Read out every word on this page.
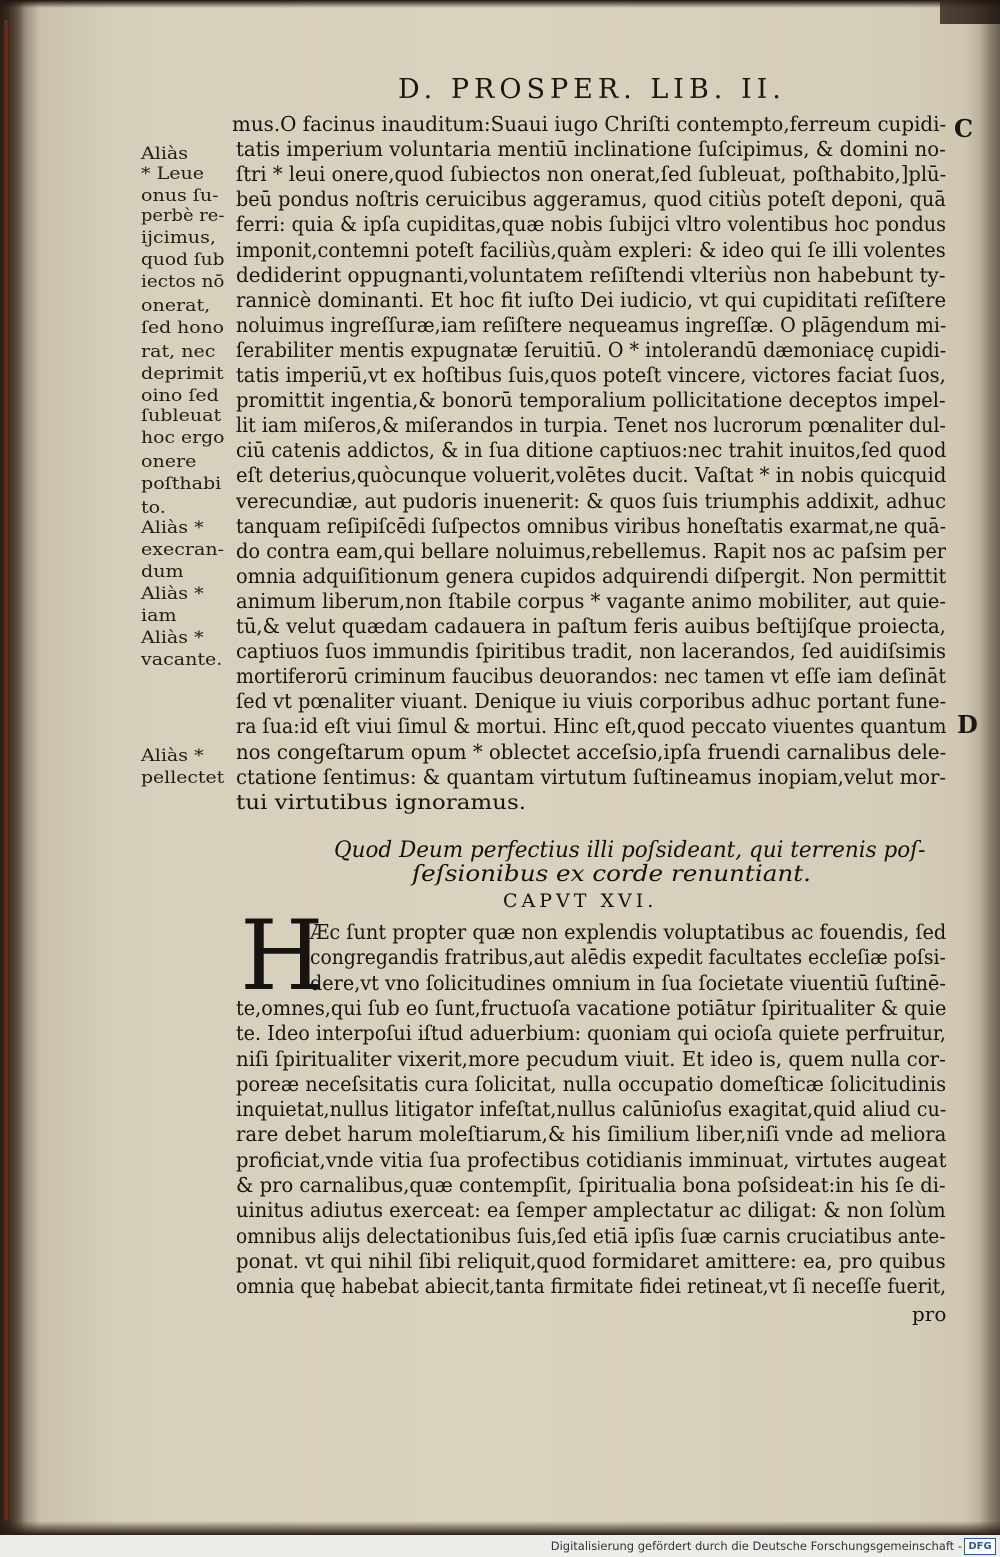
D. PROSPER. LIB. II.
C
D
Aliàs
* Leue
onus ſu-
perbè re-
ijcimus,
quod ſub
iectos nō
onerat,
ſed hono
rat, nec
deprimit
oino ſed
ſubleuat
hoc ergo
onere
poſthabi
to.
Aliàs *
execran-
dum
Aliàs *
iam
Aliàs *
vacante.
Aliàs *
pellectet
mus.O facinus inauditum:Suaui iugo Chriſti contempto,ferreum cupidi-
tatis imperium voluntaria mentiū inclinatione ſuſcipimus, & domini no-
ſtri * leui onere,quod ſubiectos non onerat,ſed ſubleuat, poſthabito,]plū-
beū pondus noſtris ceruicibus aggeramus, quod citiùs poteſt deponi, quā
ferri: quia & ipſa cupiditas,quæ nobis ſubijci vltro volentibus hoc pondus
imponit,contemni poteſt faciliùs,quàm expleri: & ideo qui ſe illi volentes
dediderint oppugnanti,voluntatem reſiſtendi vlteriùs non habebunt ty-
rannicè dominanti. Et hoc fit iuſto Dei iudicio, vt qui cupiditati reſiſtere
noluimus ingreſſuræ,iam reſiſtere nequeamus ingreſſæ. O plāgendum mi-
ſerabiliter mentis expugnatæ ſeruitiū. O * intolerandū dæmoniacę cupidi-
tatis imperiū,vt ex hoſtibus ſuis,quos poteſt vincere, victores faciat ſuos,
promittit ingentia,& bonorū temporalium pollicitatione deceptos impel-
lit iam miſeros,& miſerandos in turpia. Tenet nos lucrorum pœnaliter dul-
ciū catenis addictos, & in ſua ditione captiuos:nec trahit inuitos,ſed quod
eſt deterius,quòcunque voluerit,volētes ducit. Vaſtat * in nobis quicquid
verecundiæ, aut pudoris inuenerit: & quos ſuis triumphis addixit, adhuc
tanquam reſipiſcēdi ſuſpectos omnibus viribus honeſtatis exarmat,ne quā-
do contra eam,qui bellare noluimus,rebellemus. Rapit nos ac paſsim per
omnia adquiſitionum genera cupidos adquirendi diſpergit. Non permittit
animum liberum,non ſtabile corpus * vagante animo mobiliter, aut quie-
tū,& velut quædam cadauera in paſtum feris auibus beſtijſque proiecta,
captiuos ſuos immundis ſpiritibus tradit, non lacerandos, ſed auidiſsimis
mortiferorū criminum faucibus deuorandos: nec tamen vt eſſe iam deſināt
ſed vt pœnaliter viuant. Denique iu viuis corporibus adhuc portant fune-
ra ſua:id eſt viui ſimul & mortui. Hinc eſt,quod peccato viuentes quantum
nos congeſtarum opum * oblectet acceſsio,ipſa fruendi carnalibus dele-
ctatione ſentimus: & quantam virtutum ſuſtineamus inopiam,velut mor-
tui virtutibus ignoramus.
Quod Deum perfectius illi poſsideant, qui terrenis poſ-
ſeſsionibus ex corde renuntiant.
CAPVT XVI.
H
Æc ſunt propter quæ non explendis voluptatibus ac fouendis, ſed
congregandis fratribus,aut alēdis expedit facultates eccleſiæ poſsi-
dere,vt vno ſolicitudines omnium in ſua ſocietate viuentiū ſuſtinē-
te,omnes,qui ſub eo ſunt,fructuoſa vacatione potiātur ſpiritualiter & quie
te. Ideo interpoſui iſtud aduerbium: quoniam qui ocioſa quiete perfruitur,
niſi ſpiritualiter vixerit,more pecudum viuit. Et ideo is, quem nulla cor-
poreæ neceſsitatis cura ſolicitat, nulla occupatio domeſticæ ſolicitudinis
inquietat,nullus litigator infeſtat,nullus calūnioſus exagitat,quid aliud cu-
rare debet harum moleſtiarum,& his ſimilium liber,niſi vnde ad meliora
proficiat,vnde vitia ſua profectibus cotidianis imminuat, virtutes augeat
& pro carnalibus,quæ contempſit, ſpiritualia bona poſsideat:in his ſe di-
uinitus adiutus exerceat: ea ſemper amplectatur ac diligat: & non ſolùm
omnibus alijs delectationibus ſuis,ſed etiā ipſis ſuæ carnis cruciatibus ante-
ponat. vt qui nihil ſibi reliquit,quod formidaret amittere: ea, pro quibus
omnia quę habebat abiecit,tanta firmitate fidei retineat,vt ſi neceſſe fuerit,
pro
Digitalisierung gefördert durch die Deutsche Forschungsgemeinschaft - DFG
